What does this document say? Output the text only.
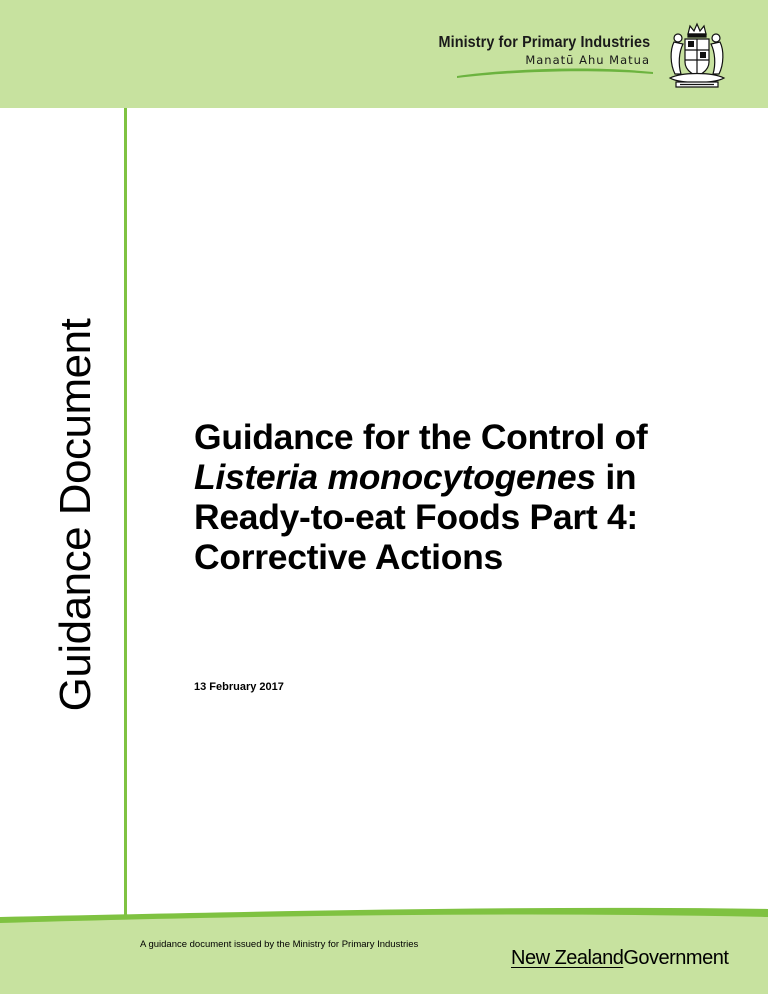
Ministry for Primary Industries
Manatū Ahu Matua
Guidance Document	Guidance for the Control of
Listeria monocytogenes in
Ready-to-eat Foods Part 4:
Corrective Actions
13 February 2017
A guidance document issued by the Ministry for Primary Industries
New ZealandGovernment
